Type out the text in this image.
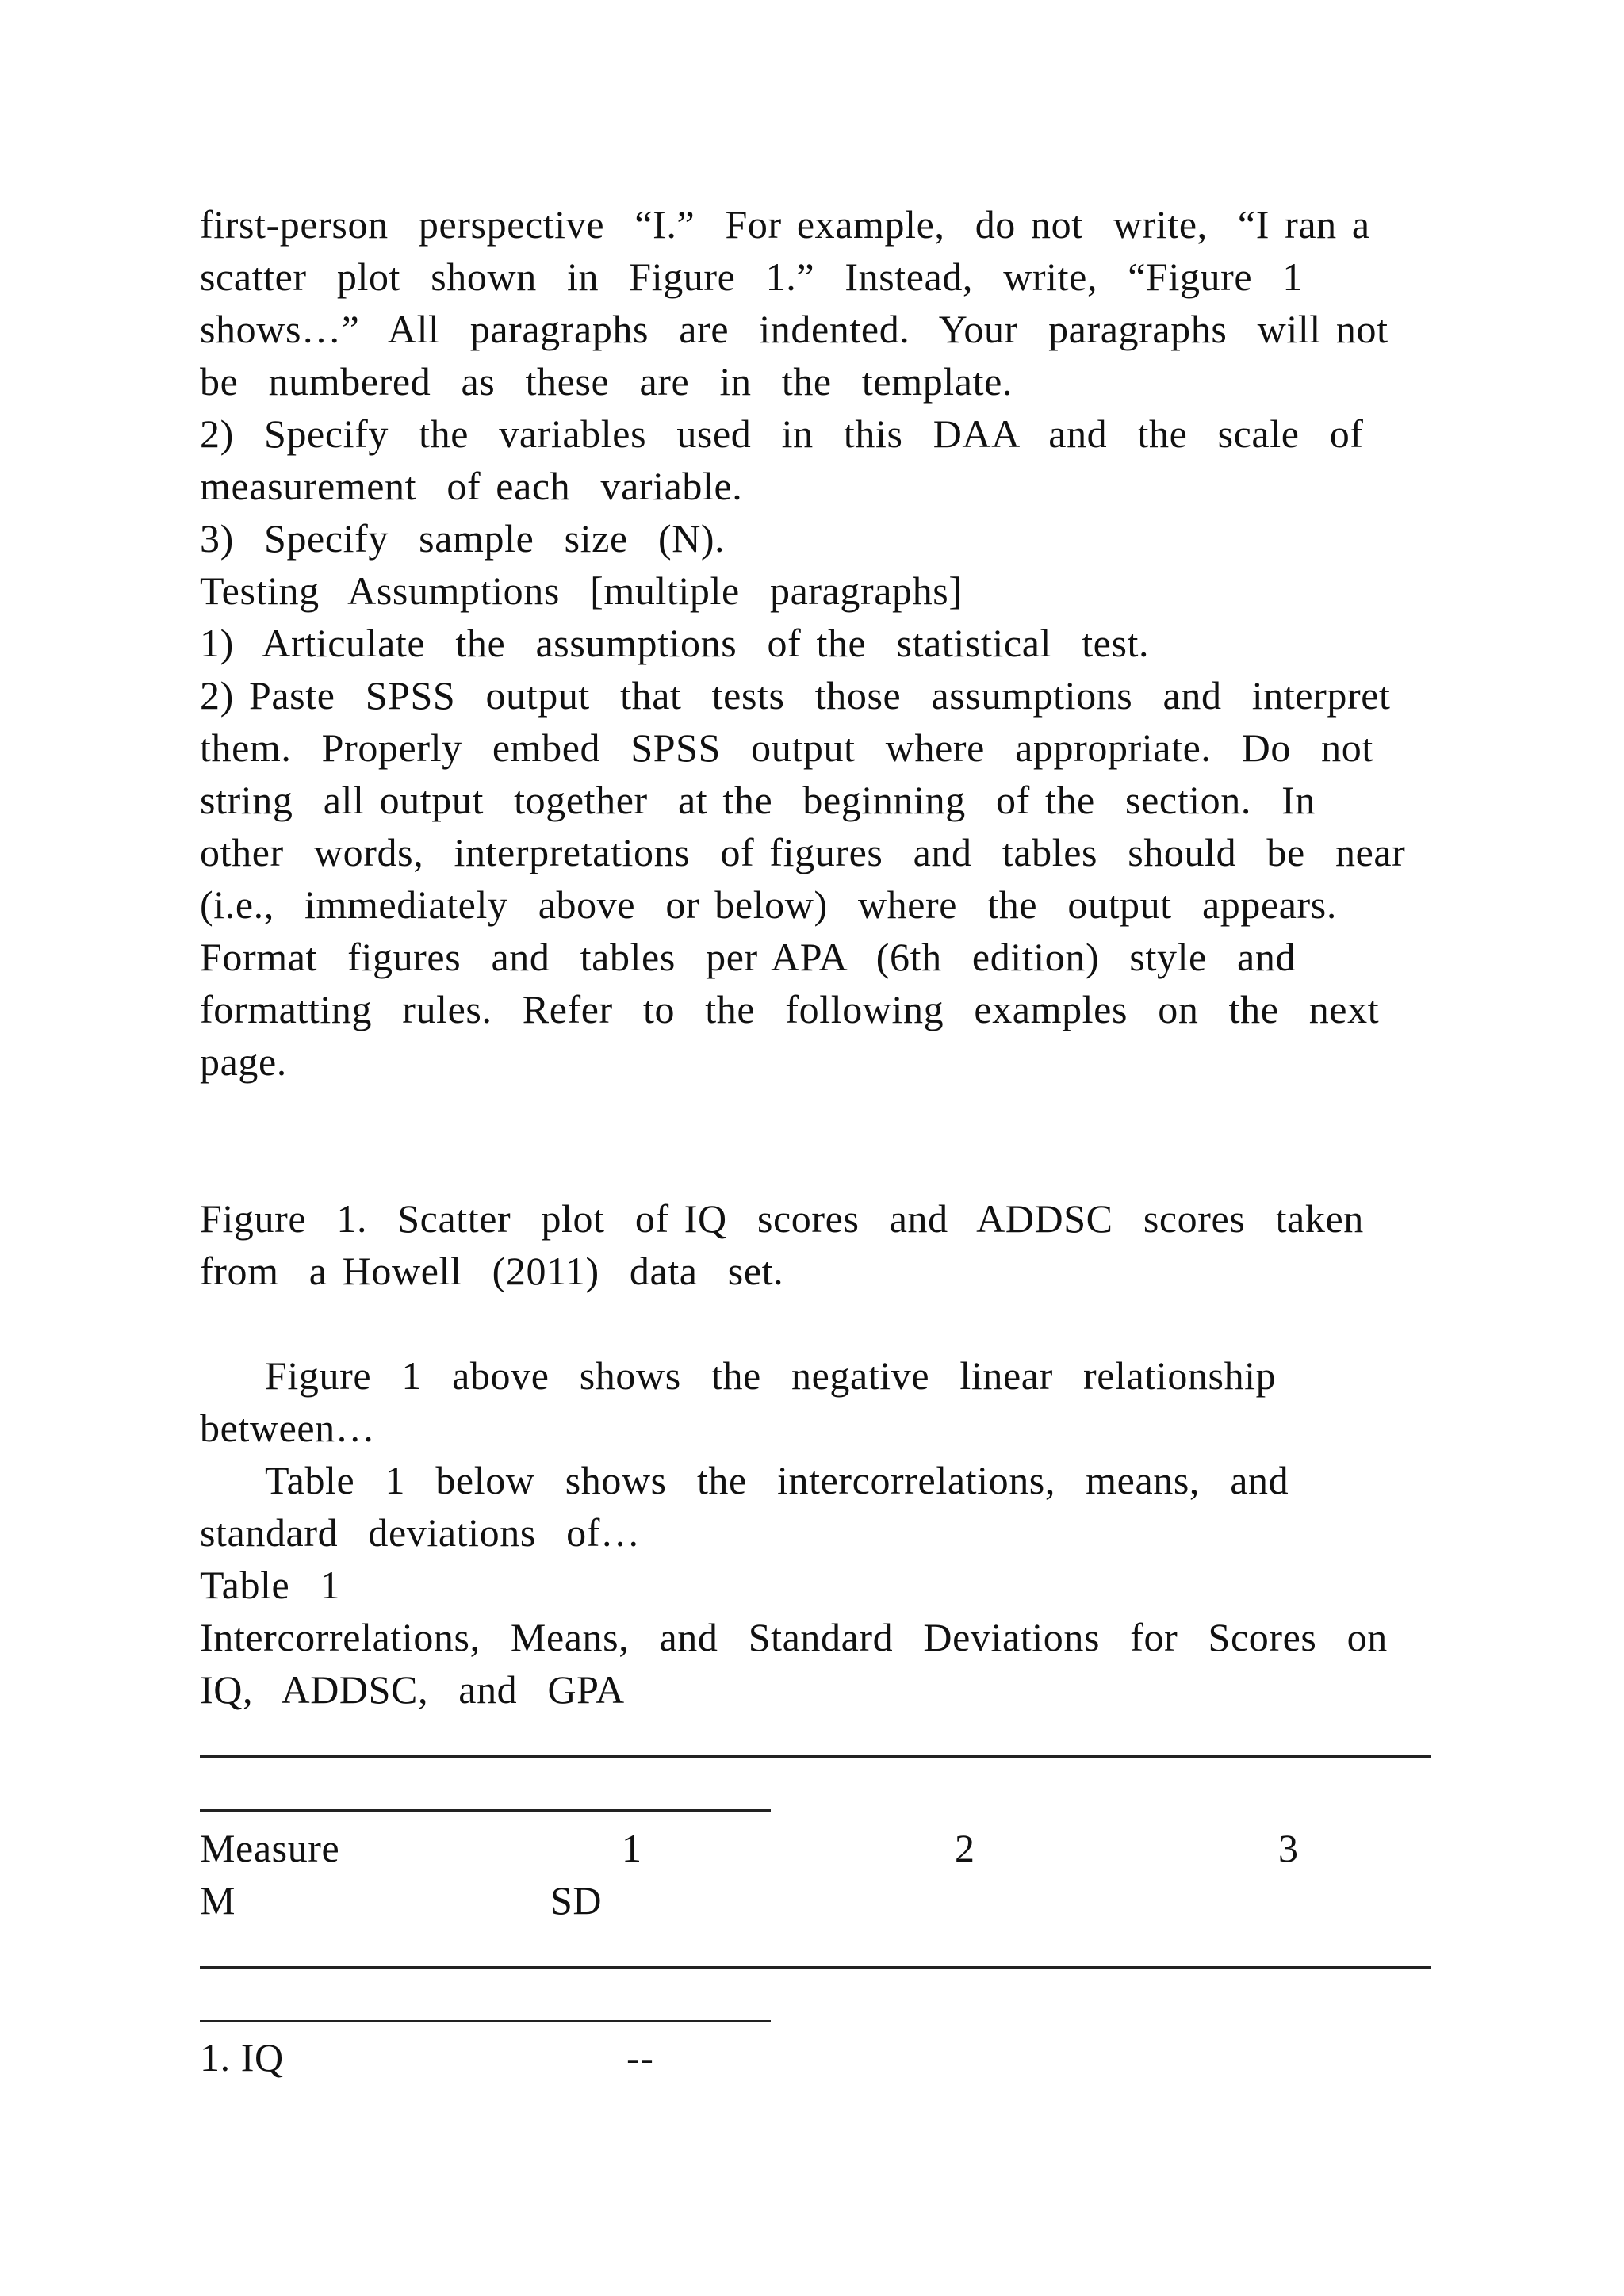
first-person  perspective  “I.”  For example,  do not  write,  “I ran a
scatter  plot  shown  in  Figure  1.”  Instead,  write,  “Figure  1
shows…”  All  paragraphs  are  indented.  Your  paragraphs  will not
be  numbered  as  these  are  in  the  template.
2)  Specify  the  variables  used  in  this  DAA  and  the  scale  of
measurement  of each  variable.
3)  Specify  sample  size  (N).
Testing  Assumptions  [multiple  paragraphs]
1)  Articulate  the  assumptions  of the  statistical  test.
2) Paste  SPSS  output  that  tests  those  assumptions  and  interpret
them.  Properly  embed  SPSS  output  where  appropriate.  Do  not
string  all output  together  at the  beginning  of the  section.  In
other  words,  interpretations  of figures  and  tables  should  be  near
(i.e.,  immediately  above  or below)  where  the  output  appears.
Format  figures  and  tables  per APA  (6th  edition)  style  and
formatting  rules.  Refer  to  the  following  examples  on  the  next
page.
Figure  1.  Scatter  plot  of IQ  scores  and  ADDSC  scores  taken
from  a Howell  (2011)  data  set.
Figure  1  above  shows  the  negative  linear  relationship
between…
Table  1  below  shows  the  intercorrelations,  means,  and
standard  deviations  of…
Table  1
Intercorrelations,  Means,  and  Standard  Deviations  for  Scores  on
IQ,  ADDSC,  and  GPA
Measure	1	2	3
M	SD
1. IQ	--
